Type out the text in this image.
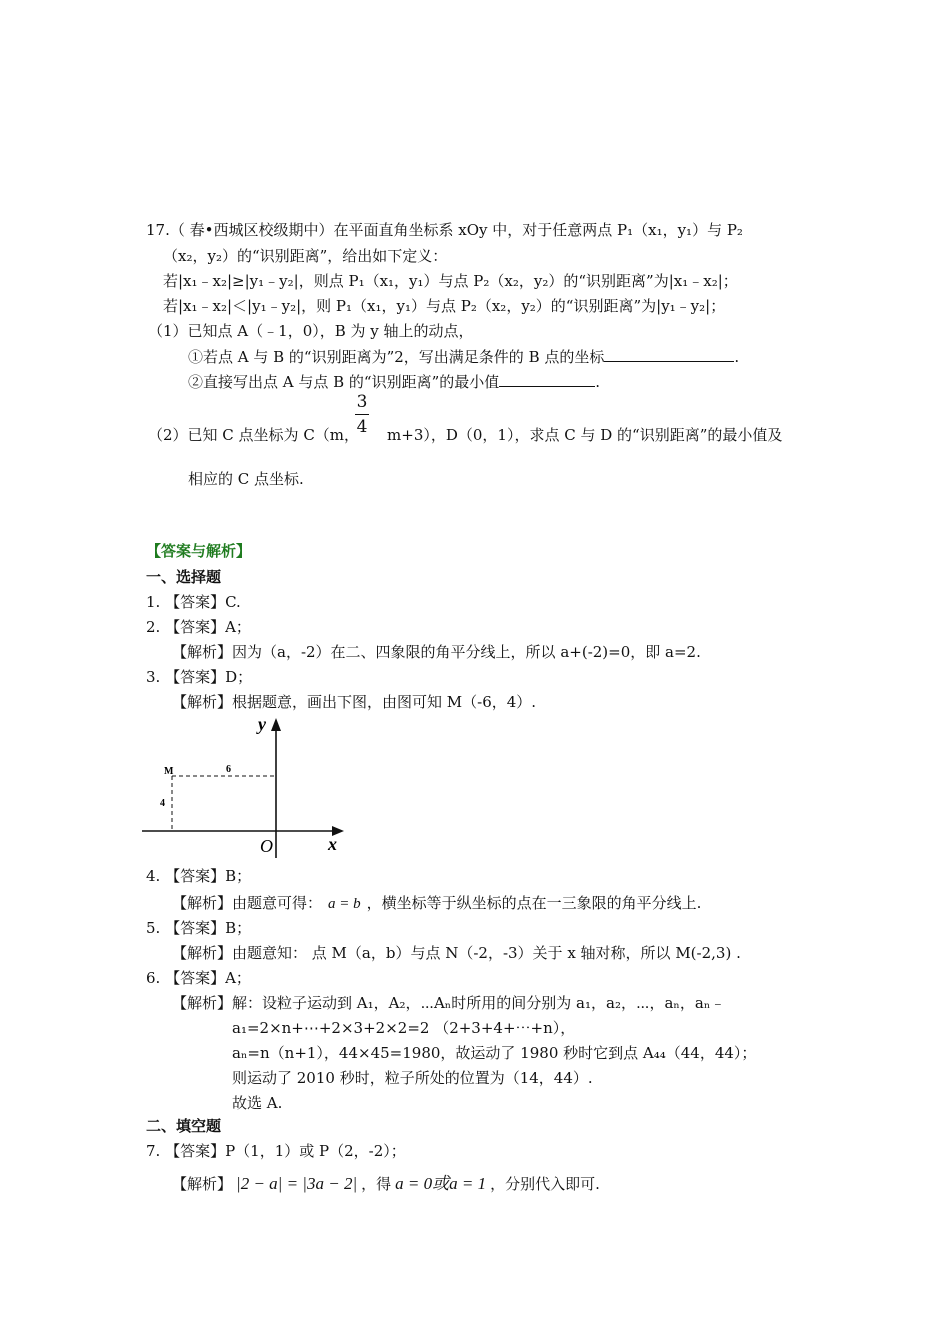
17.（ 春•西城区校级期中）在平面直角坐标系 xOy 中，对于任意两点 P₁（x₁，y₁）与 P₂
（x₂，y₂）的“识别距离”，给出如下定义：
若|x₁﹣x₂|≥|y₁﹣y₂|，则点 P₁（x₁，y₁）与点 P₂（x₂，y₂）的“识别距离”为|x₁﹣x₂|；
若|x₁﹣x₂|＜|y₁﹣y₂|，则 P₁（x₁，y₁）与点 P₂（x₂，y₂）的“识别距离”为|y₁﹣y₂|；
（1）已知点 A（﹣1，0），B 为 y 轴上的动点，
①若点 A 与 B 的“识别距离为”2，写出满足条件的 B 点的坐标	.
②直接写出点 A 与点 B 的“识别距离”的最小值	.
（2）已知 C 点坐标为 C（m， m+3），D（0，1），求点 C 与 D 的“识别距离”的最小值及
3
4
相应的 C 点坐标.
【答案与解析】
一、选择题
1. 【答案】C.
2. 【答案】A；
【解析】因为（a，-2）在二、四象限的角平分线上，所以 a+(-2)=0，即 a=2.
3. 【答案】D；
【解析】根据题意，画出下图，由图可知 M（-6，4）.
y
x
O
M	6
4
4. 【答案】B；
【解析】由题意可得： a = b ，横坐标等于纵坐标的点在一三象限的角平分线上.
5. 【答案】B；
【解析】由题意知： 点 M（a，b）与点 N（-2，-3）关于 x 轴对称，所以 M(-2,3) .
6. 【答案】A；
【解析】解：设粒子运动到 A₁，A₂，⋯Aₙ时所用的间分别为 a₁，a₂，⋯，aₙ，aₙ﹣
a₁=2×n+⋯+2×3+2×2=2 （2+3+4+⋯+n），
aₙ=n（n+1），44×45=1980，故运动了 1980 秒时它到点 A₄₄（44，44）；
则运动了 2010 秒时，粒子所处的位置为（14，44）.
故选 A.
二、填空题
7. 【答案】P（1，1）或 P（2，-2）；
【解析】 |2 − a| = |3a − 2| ，得 a = 0或a = 1 ，分别代入即可.
